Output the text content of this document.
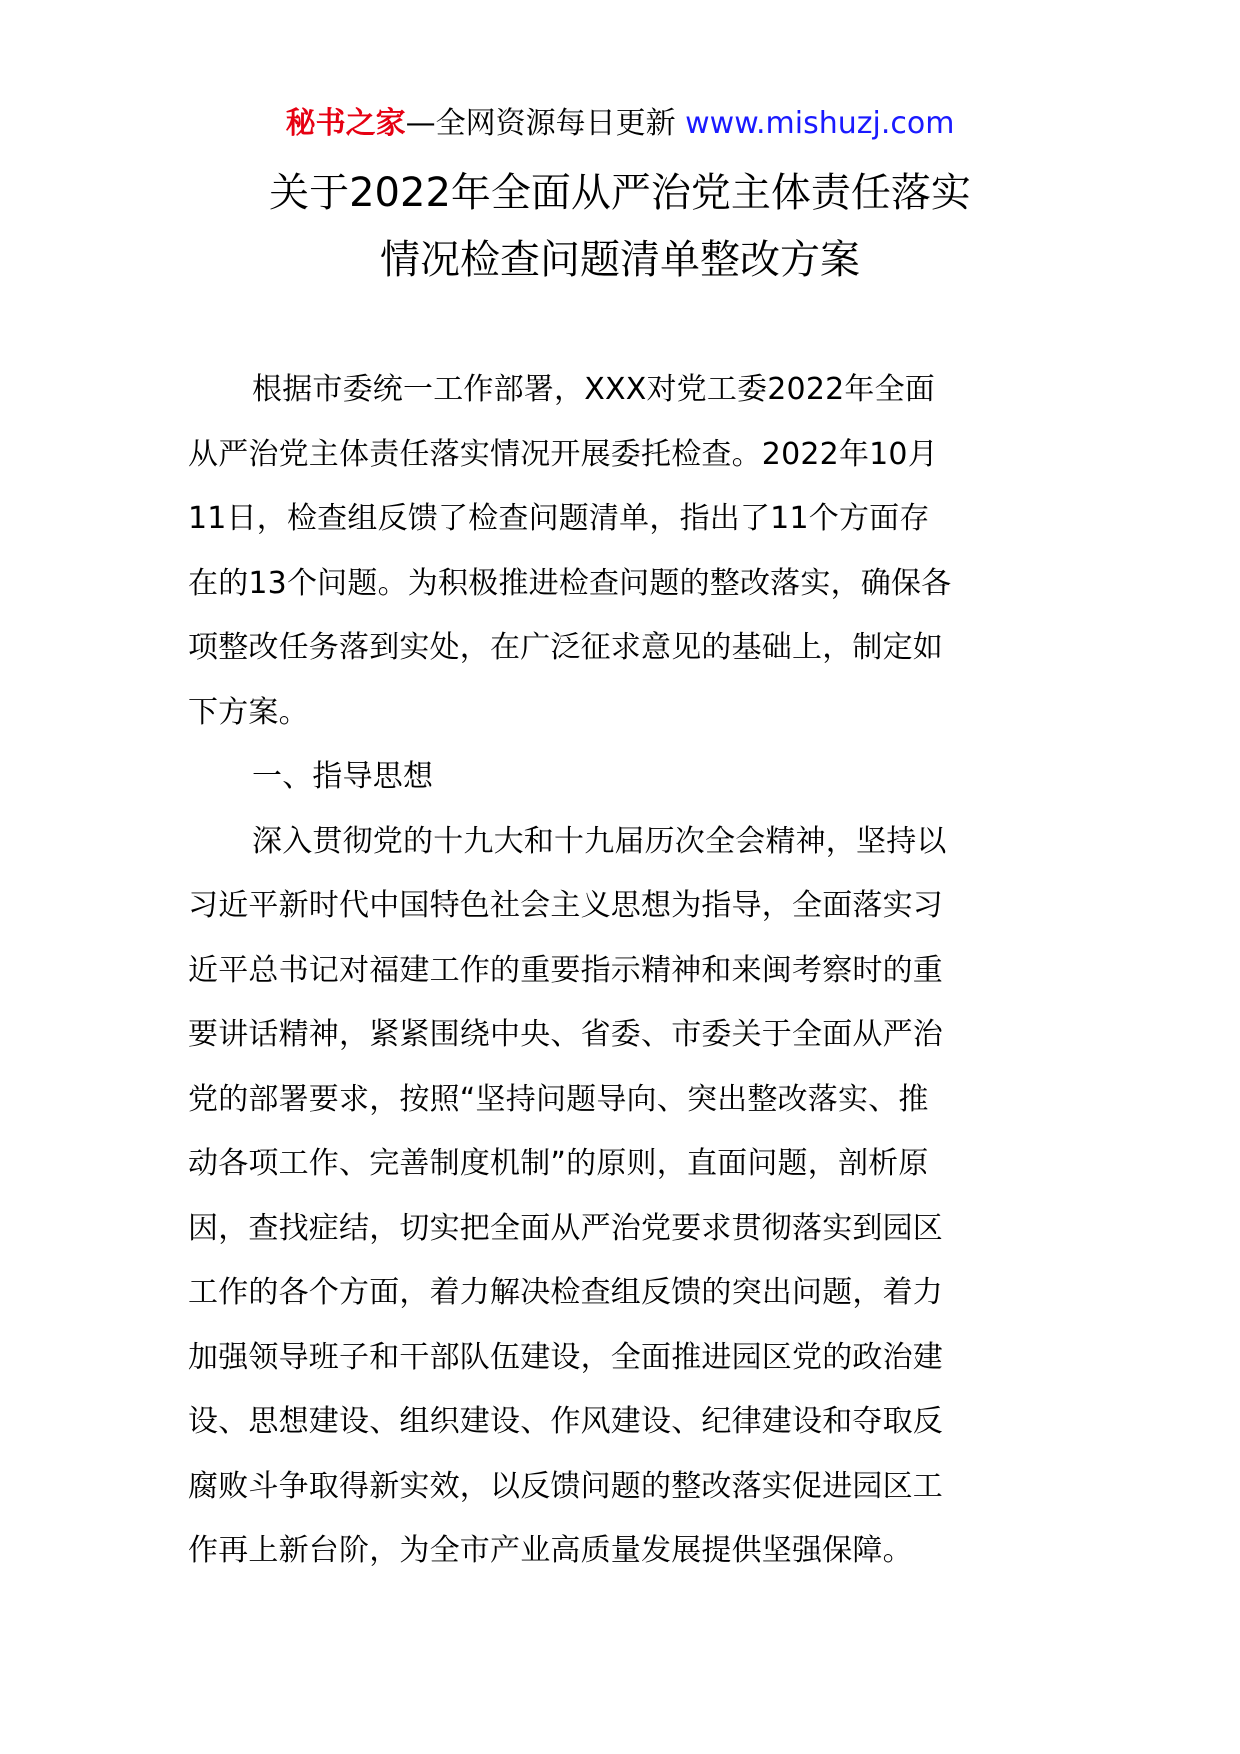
秘书之家—全网资源每日更新 www.mishuzj.com
关于2022年全面从严治党主体责任落实
情况检查问题清单整改方案
根据市委统一工作部署，XXX对党工委2022年全面
从严治党主体责任落实情况开展委托检查。2022年10月
11日，检查组反馈了检查问题清单，指出了11个方面存
在的13个问题。为积极推进检查问题的整改落实，确保各
项整改任务落到实处，在广泛征求意见的基础上，制定如
下方案。
一、指导思想
深入贯彻党的十九大和十九届历次全会精神，坚持以
习近平新时代中国特色社会主义思想为指导，全面落实习
近平总书记对福建工作的重要指示精神和来闽考察时的重
要讲话精神，紧紧围绕中央、省委、市委关于全面从严治
党的部署要求，按照“坚持问题导向、突出整改落实、推
动各项工作、完善制度机制”的原则，直面问题，剖析原
因，查找症结，切实把全面从严治党要求贯彻落实到园区
工作的各个方面，着力解决检查组反馈的突出问题，着力
加强领导班子和干部队伍建设，全面推进园区党的政治建
设、思想建设、组织建设、作风建设、纪律建设和夺取反
腐败斗争取得新实效，以反馈问题的整改落实促进园区工
作再上新台阶，为全市产业高质量发展提供坚强保障。
